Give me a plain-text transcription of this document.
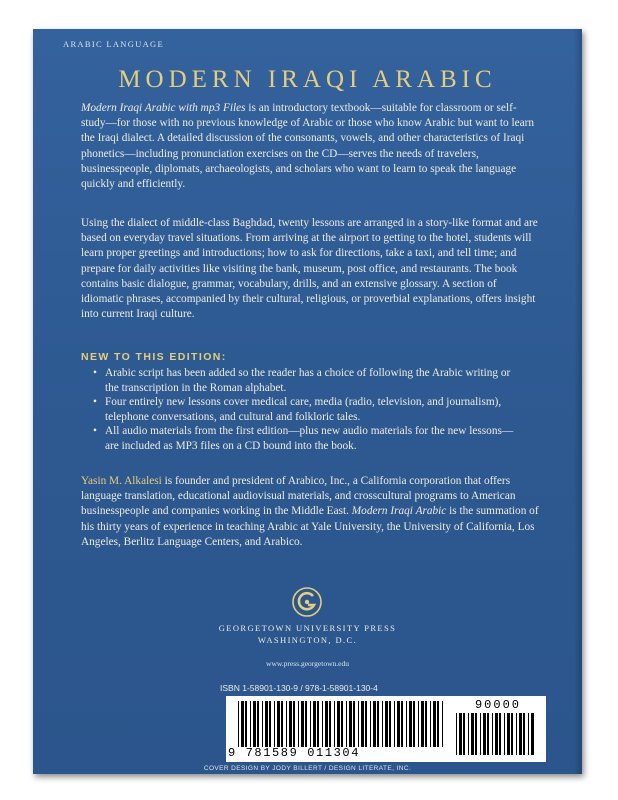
ARABIC LANGUAGE
MODERN IRAQI ARABIC

Modern Iraqi Arabic with mp3 Files is an introductory textbook—suitable for classroom or self-study—for those with no previous knowledge of Arabic or those who know Arabic but want to learn the Iraqi dialect. A detailed discussion of the consonants, vowels, and other characteristics of Iraqi phonetics—including pronunciation exercises on the CD—serves the needs of travelers, businesspeople, diplomats, archaeologists, and scholars who want to learn to speak the language quickly and efficiently.

Using the dialect of middle-class Baghdad, twenty lessons are arranged in a story-like format and are based on everyday travel situations. From arriving at the airport to getting to the hotel, students will learn proper greetings and introductions; how to ask for directions, take a taxi, and tell time; and prepare for daily activities like visiting the bank, museum, post office, and restaurants. The book contains basic dialogue, grammar, vocabulary, drills, and an extensive glossary. A section of idiomatic phrases, accompanied by their cultural, religious, or proverbial explanations, offers insight into current Iraqi culture.

NEW TO THIS EDITION:
• Arabic script has been added so the reader has a choice of following the Arabic writing or the transcription in the Roman alphabet.
• Four entirely new lessons cover medical care, media (radio, television, and journalism), telephone conversations, and cultural and folkloric tales.
• All audio materials from the first edition—plus new audio materials for the new lessons—are included as MP3 files on a CD bound into the book.

Yasin M. Alkalesi is founder and president of Arabico, Inc., a California corporation that offers language translation, educational audiovisual materials, and crosscultural programs to American businesspeople and companies working in the Middle East. Modern Iraqi Arabic is the summation of his thirty years of experience in teaching Arabic at Yale University, the University of California, Los Angeles, Berlitz Language Centers, and Arabico.

GEORGETOWN UNIVERSITY PRESS
WASHINGTON, D.C.
www.press.georgetown.edu
ISBN 1-58901-130-9 / 978-1-58901-130-4
90000
9 781589 011304
COVER DESIGN BY JODY BILLERT / DESIGN LITERATE, INC.
